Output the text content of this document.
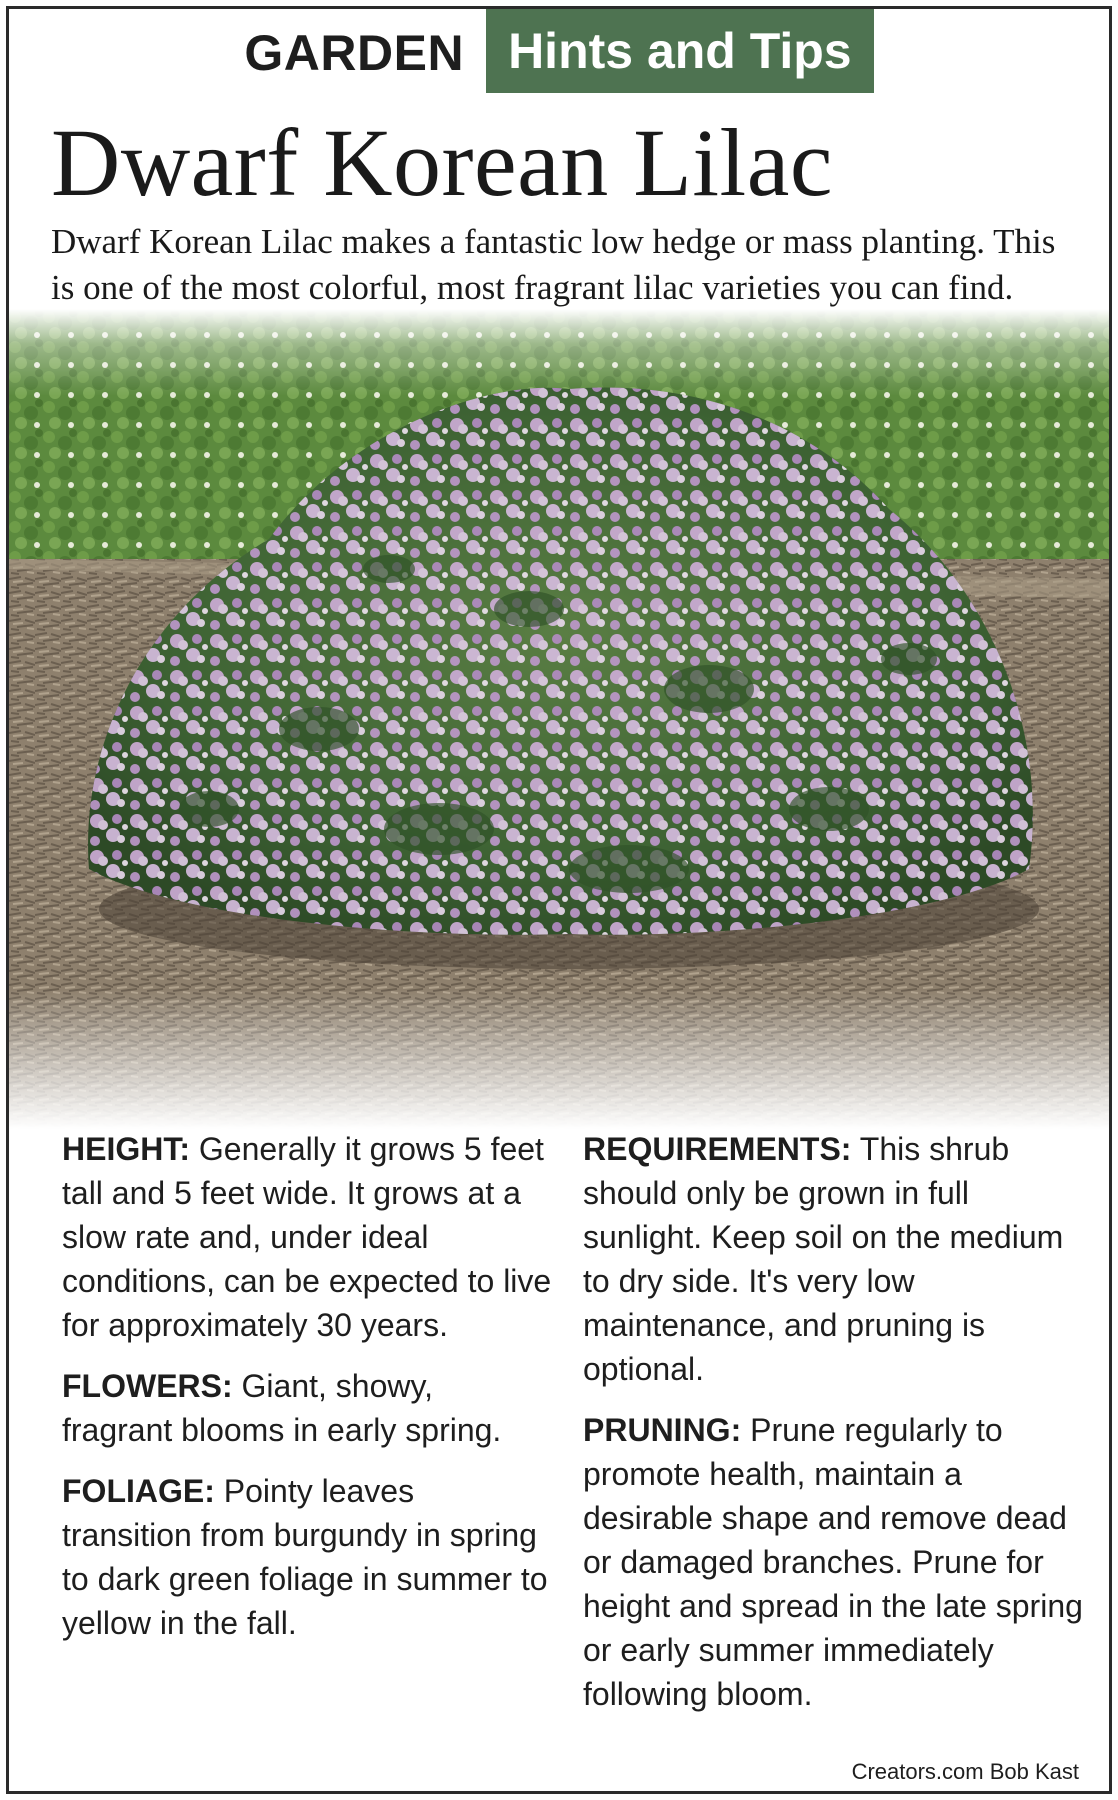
GARDEN Hints and Tips
Dwarf Korean Lilac
Dwarf Korean Lilac makes a fantastic low hedge or mass planting. This is one of the most colorful, most fragrant lilac varieties you can find.

HEIGHT: Generally it grows 5 feet tall and 5 feet wide. It grows at a slow rate and, under ideal conditions, can be expected to live for approximately 30 years.

FLOWERS: Giant, showy, fragrant blooms in early spring.

FOLIAGE: Pointy leaves transition from burgundy in spring to dark green foliage in summer to yellow in the fall.

REQUIREMENTS: This shrub should only be grown in full sunlight. Keep soil on the medium to dry side. It's very low maintenance, and pruning is optional.

PRUNING: Prune regularly to promote health, maintain a desirable shape and remove dead or damaged branches. Prune for height and spread in the late spring or early summer immediately following bloom.

Creators.com Bob Kast
